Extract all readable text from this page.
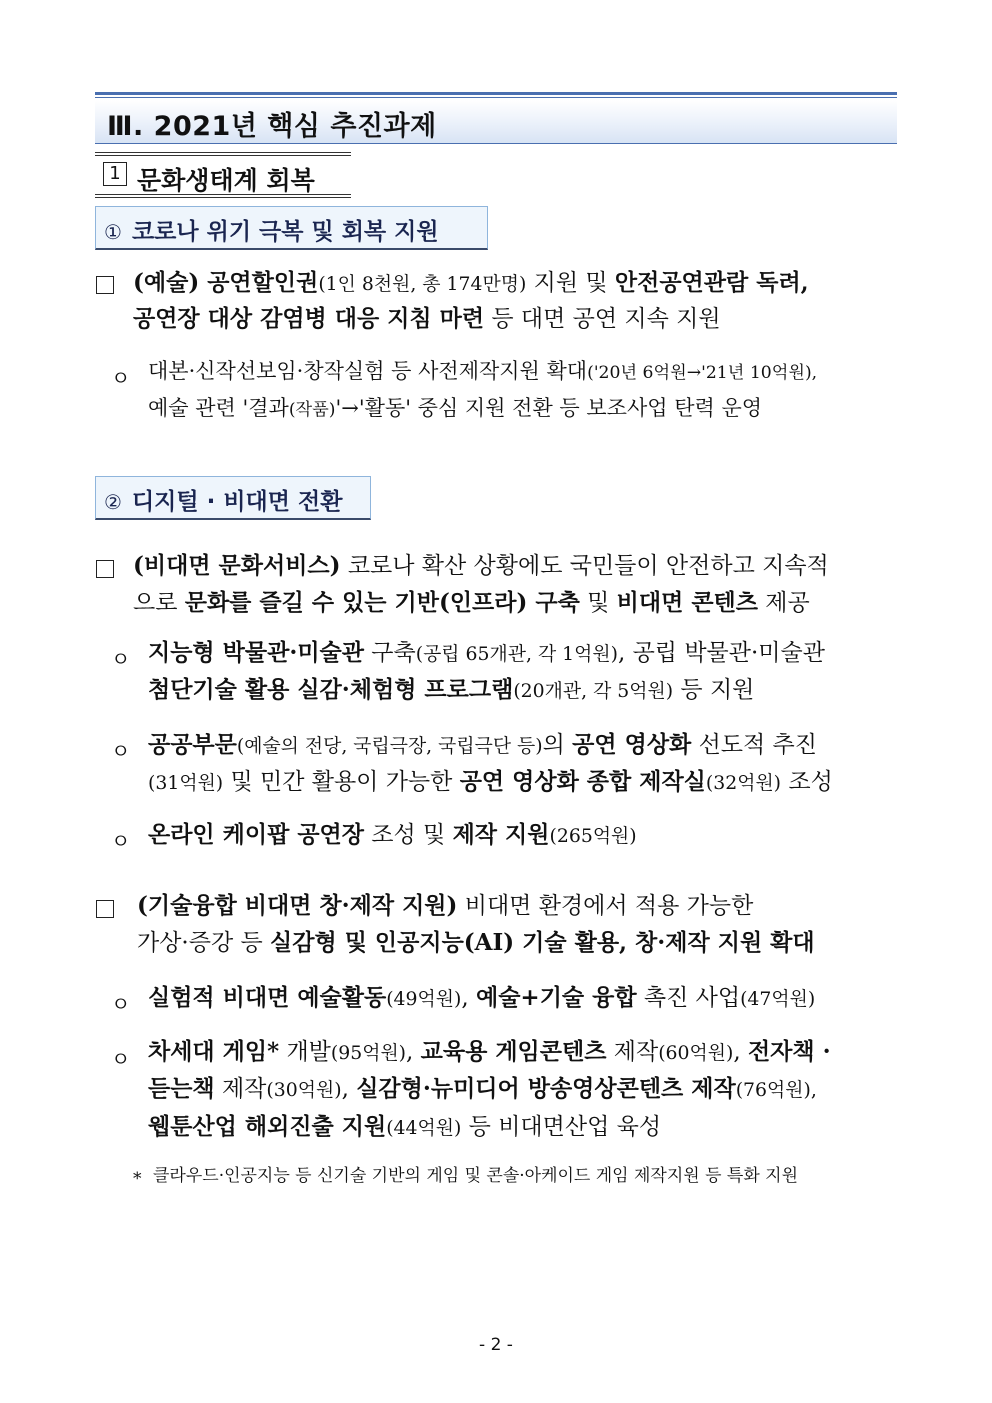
Ⅲ. 2021년 핵심 추진과제
1 문화생태계 회복
① 코로나 위기 극복 및 회복 지원
(예술) 공연할인권(1인 8천원, 총 174만명) 지원 및 안전공연관람 독려,
공연장 대상 감염병 대응 지침 마련 등 대면 공연 지속 지원
ㅇ 대본·신작선보임·창작실험 등 사전제작지원 확대('20년 6억원→'21년 10억원),
예술 관련 '결과(작품)'→'활동' 중심 지원 전환 등 보조사업 탄력 운영
② 디지털 · 비대면 전환
(비대면 문화서비스) 코로나 확산 상황에도 국민들이 안전하고 지속적
으로 문화를 즐길 수 있는 기반(인프라) 구축 및 비대면 콘텐츠 제공
ㅇ 지능형 박물관·미술관 구축(공립 65개관, 각 1억원), 공립 박물관·미술관
첨단기술 활용 실감·체험형 프로그램(20개관, 각 5억원) 등 지원
ㅇ 공공부문(예술의 전당, 국립극장, 국립극단 등)의 공연 영상화 선도적 추진
(31억원) 및 민간 활용이 가능한 공연 영상화 종합 제작실(32억원) 조성
ㅇ 온라인 케이팝 공연장 조성 및 제작 지원(265억원)
(기술융합 비대면 창·제작 지원) 비대면 환경에서 적용 가능한
가상·증강 등 실감형 및 인공지능(AI) 기술 활용, 창·제작 지원 확대
ㅇ 실험적 비대면 예술활동(49억원), 예술+기술 융합 촉진 사업(47억원)
ㅇ 차세대 게임* 개발(95억원), 교육용 게임콘텐츠 제작(60억원), 전자책 ·
듣는책 제작(30억원), 실감형·뉴미디어 방송영상콘텐츠 제작(76억원),
웹툰산업 해외진출 지원(44억원) 등 비대면산업 육성
* 클라우드·인공지능 등 신기술 기반의 게임 및 콘솔·아케이드 게임 제작지원 등 특화 지원
- 2 -
